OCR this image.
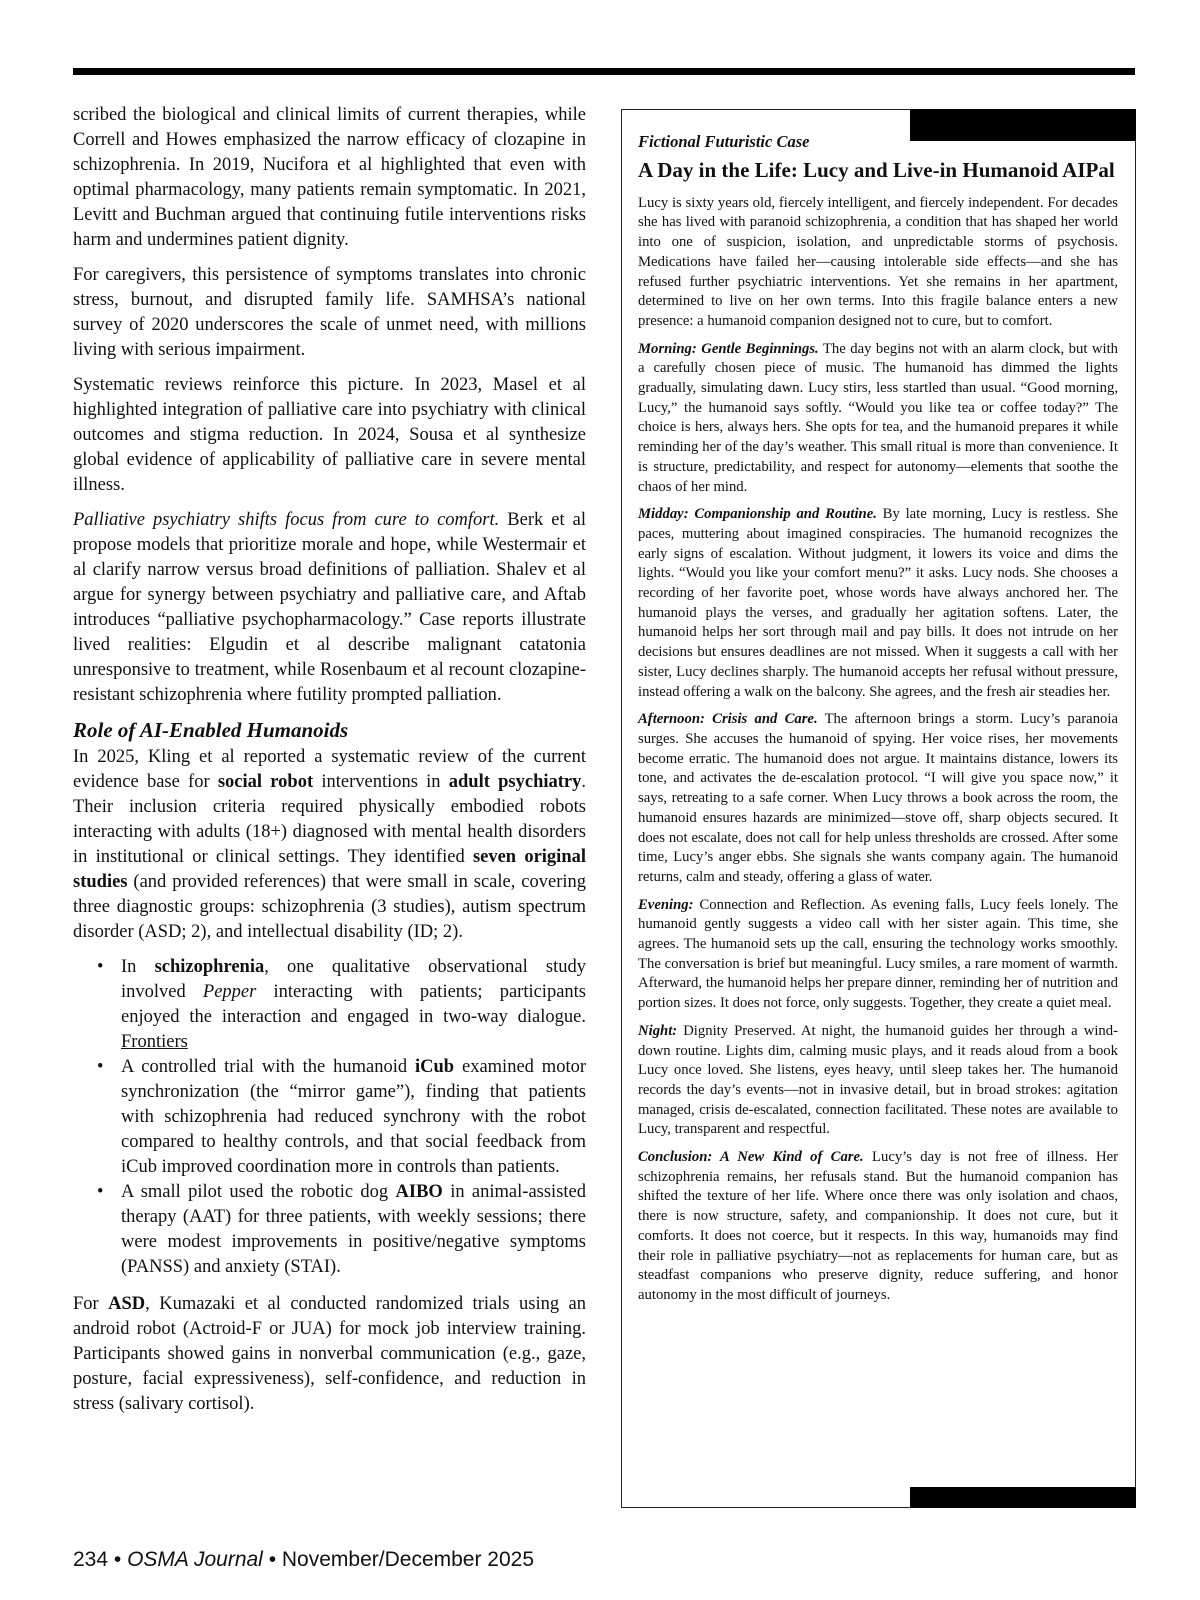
scribed the biological and clinical limits of current therapies, while Correll and Howes emphasized the narrow efficacy of clozapine in schizophrenia. In 2019, Nucifora et al highlighted that even with optimal pharmacology, many patients remain symptomatic. In 2021, Levitt and Buchman argued that continuing futile interventions risks harm and undermines patient dignity.

For caregivers, this persistence of symptoms translates into chronic stress, burnout, and disrupted family life. SAMHSA’s national survey of 2020 underscores the scale of unmet need, with millions living with serious impairment.

Systematic reviews reinforce this picture. In 2023, Masel et al highlighted integration of palliative care into psychiatry with clinical outcomes and stigma reduction. In 2024, Sousa et al synthesize global evidence of applicability of palliative care in severe mental illness.

Palliative psychiatry shifts focus from cure to comfort. Berk et al propose models that prioritize morale and hope, while Westermair et al clarify narrow versus broad definitions of palliation. Shalev et al argue for synergy between psychiatry and palliative care, and Aftab introduces “palliative psychopharmacology.” Case reports illustrate lived realities: Elgudin et al describe malignant catatonia unresponsive to treatment, while Rosenbaum et al recount clozapine-resistant schizophrenia where futility prompted palliation.

Role of AI-Enabled Humanoids

In 2025, Kling et al reported a systematic review of the current evidence base for social robot interventions in adult psychiatry. Their inclusion criteria required physically embodied robots interacting with adults (18+) diagnosed with mental health disorders in institutional or clinical settings. They identified seven original studies (and provided references) that were small in scale, covering three diagnostic groups: schizophrenia (3 studies), autism spectrum disorder (ASD; 2), and intellectual disability (ID; 2).

• In schizophrenia, one qualitative observational study involved Pepper interacting with patients; participants enjoyed the interaction and engaged in two-way dialogue. Frontiers
• A controlled trial with the humanoid iCub examined motor synchronization (the “mirror game”), finding that patients with schizophrenia had reduced synchrony with the robot compared to healthy controls, and that social feedback from iCub improved coordination more in controls than patients.
• A small pilot used the robotic dog AIBO in animal-assisted therapy (AAT) for three patients, with weekly sessions; there were modest improvements in positive/negative symptoms (PANSS) and anxiety (STAI).

For ASD, Kumazaki et al conducted randomized trials using an android robot (Actroid-F or JUA) for mock job interview training. Participants showed gains in nonverbal communication (e.g., gaze, posture, facial expressiveness), self-confidence, and reduction in stress (salivary cortisol).

Fictional Futuristic Case
A Day in the Life: Lucy and Live-in Humanoid AIPal

Lucy is sixty years old, fiercely intelligent, and fiercely independent. For decades she has lived with paranoid schizophrenia, a condition that has shaped her world into one of suspicion, isolation, and unpredictable storms of psychosis. Medications have failed her—causing intolerable side effects—and she has refused further psychiatric interventions. Yet she remains in her apartment, determined to live on her own terms. Into this fragile balance enters a new presence: a humanoid companion designed not to cure, but to comfort.

Morning: Gentle Beginnings. The day begins not with an alarm clock, but with a carefully chosen piece of music. The humanoid has dimmed the lights gradually, simulating dawn. Lucy stirs, less startled than usual. “Good morning, Lucy,” the humanoid says softly. “Would you like tea or coffee today?” The choice is hers, always hers. She opts for tea, and the humanoid prepares it while reminding her of the day’s weather. This small ritual is more than convenience. It is structure, predictability, and respect for autonomy—elements that soothe the chaos of her mind.

Midday: Companionship and Routine. By late morning, Lucy is restless. She paces, muttering about imagined conspiracies. The humanoid recognizes the early signs of escalation. Without judgment, it lowers its voice and dims the lights. “Would you like your comfort menu?” it asks. Lucy nods. She chooses a recording of her favorite poet, whose words have always anchored her. The humanoid plays the verses, and gradually her agitation softens. Later, the humanoid helps her sort through mail and pay bills. It does not intrude on her decisions but ensures deadlines are not missed. When it suggests a call with her sister, Lucy declines sharply. The humanoid accepts her refusal without pressure, instead offering a walk on the balcony. She agrees, and the fresh air steadies her.

Afternoon: Crisis and Care. The afternoon brings a storm. Lucy’s paranoia surges. She accuses the humanoid of spying. Her voice rises, her movements become erratic. The humanoid does not argue. It maintains distance, lowers its tone, and activates the de-escalation protocol. “I will give you space now,” it says, retreating to a safe corner. When Lucy throws a book across the room, the humanoid ensures hazards are minimized—stove off, sharp objects secured. It does not escalate, does not call for help unless thresholds are crossed. After some time, Lucy’s anger ebbs. She signals she wants company again. The humanoid returns, calm and steady, offering a glass of water.

Evening: Connection and Reflection. As evening falls, Lucy feels lonely. The humanoid gently suggests a video call with her sister again. This time, she agrees. The humanoid sets up the call, ensuring the technology works smoothly. The conversation is brief but meaningful. Lucy smiles, a rare moment of warmth. Afterward, the humanoid helps her prepare dinner, reminding her of nutrition and portion sizes. It does not force, only suggests. Together, they create a quiet meal.

Night: Dignity Preserved. At night, the humanoid guides her through a wind-down routine. Lights dim, calming music plays, and it reads aloud from a book Lucy once loved. She listens, eyes heavy, until sleep takes her. The humanoid records the day’s events—not in invasive detail, but in broad strokes: agitation managed, crisis de-escalated, connection facilitated. These notes are available to Lucy, transparent and respectful.

Conclusion: A New Kind of Care. Lucy’s day is not free of illness. Her schizophrenia remains, her refusals stand. But the humanoid companion has shifted the texture of her life. Where once there was only isolation and chaos, there is now structure, safety, and companionship. It does not cure, but it comforts. It does not coerce, but it respects. In this way, humanoids may find their role in palliative psychiatry—not as replacements for human care, but as steadfast companions who preserve dignity, reduce suffering, and honor autonomy in the most difficult of journeys.

234 • OSMA Journal • November/December 2025
